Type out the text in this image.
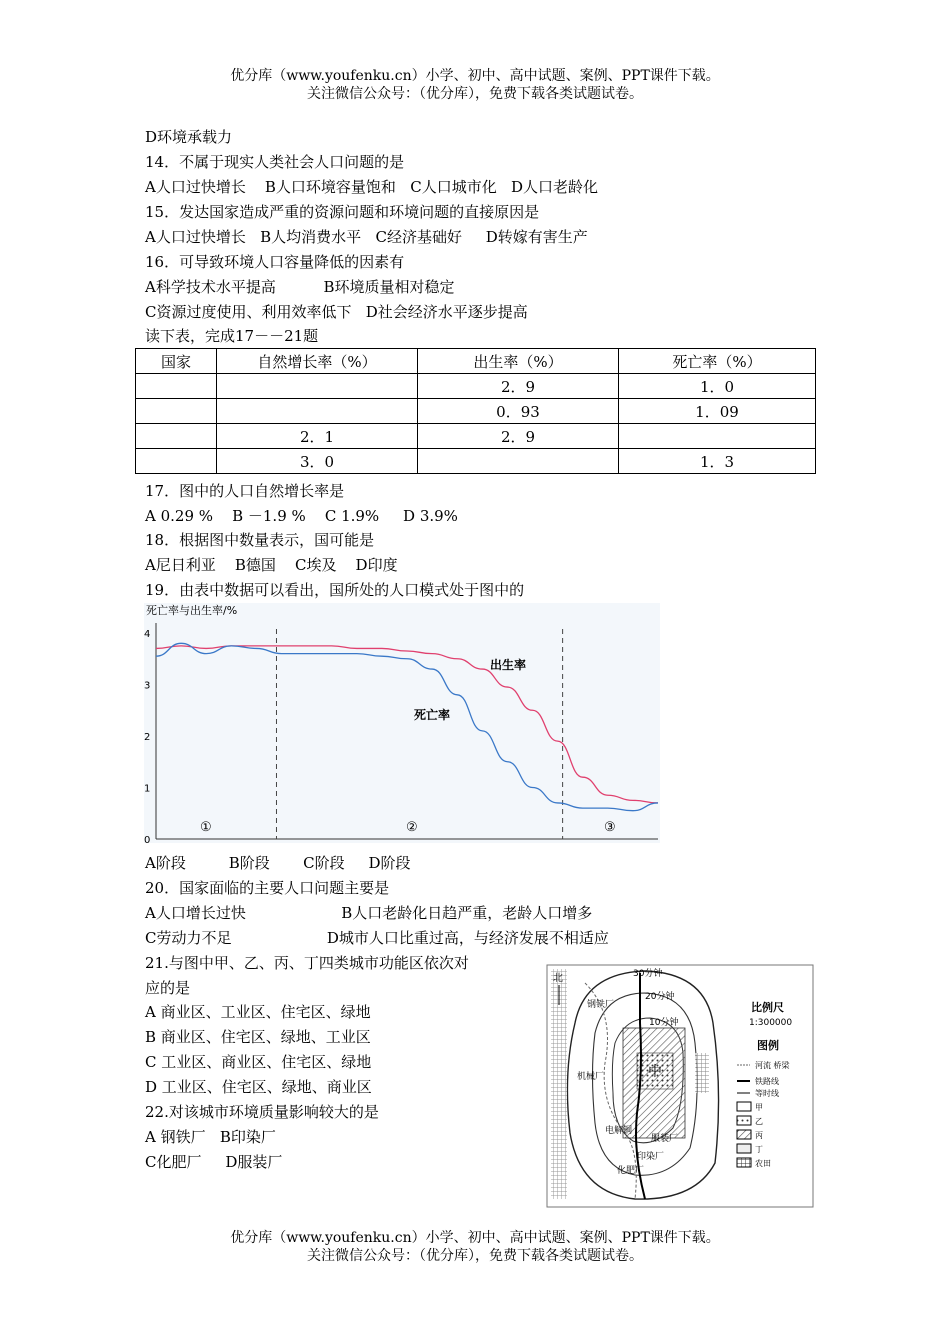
优分库（www.youfenku.cn）小学、初中、高中试题、案例、PPT课件下载。
关注微信公众号：（优分库），免费下载各类试题试卷。
D环境承载力
14．不属于现实人类社会人口问题的是
A人口过快增长    B人口环境容量饱和   C人口城市化   D人口老龄化
15．发达国家造成严重的资源问题和环境问题的直接原因是
A人口过快增长   B人均消费水平   C经济基础好     D转嫁有害生产
16．可导致环境人口容量降低的因素有
A科学技术水平提高          B环境质量相对稳定
C资源过度使用、利用效率低下   D社会经济水平逐步提高
读下表，完成17－－21题
国家	自然增长率（%）	出生率（%）	死亡率（%）
		2．9	1．0
		0．93	1．09
	2．1	2．9	
	3．0		1．3
17．图中的人口自然增长率是
A 0.29 %    B －1.9 %    C 1.9%     D 3.9%
18．根据图中数量表示，国可能是
A尼日利亚    B德国    C埃及    D印度
19．由表中数据可以看出，国所处的人口模式处于图中的
死亡率与出生率/%
0
1
2
3
4
出生率
死亡率
①	②	③
A阶段         B阶段       C阶段     D阶段
20．国家面临的主要人口问题主要是
A人口增长过快                    B人口老龄化日趋严重，老龄人口增多
C劳动力不足                    D城市人口比重过高，与经济发展不相适应
21.与图中甲、乙、丙、丁四类城市功能区依次对
应的是
A 商业区、工业区、住宅区、绿地
B 商业区、住宅区、绿地、工业区
C 工业区、商业区、住宅区、绿地
D 工业区、住宅区、绿地、商业区
22.对该城市环境质量影响较大的是
A 钢铁厂   B印染厂
C化肥厂     D服装厂
中
北	30分钟
20分钟
10分钟
钢铁厂
机械厂
电解铜
服装厂
印染厂
化肥厂
比例尺
1:300000
图例
河流 桥梁
铁路线
等时线
甲
乙
丙
丁
农田
优分库（www.youfenku.cn）小学、初中、高中试题、案例、PPT课件下载。
关注微信公众号：（优分库），免费下载各类试题试卷。
